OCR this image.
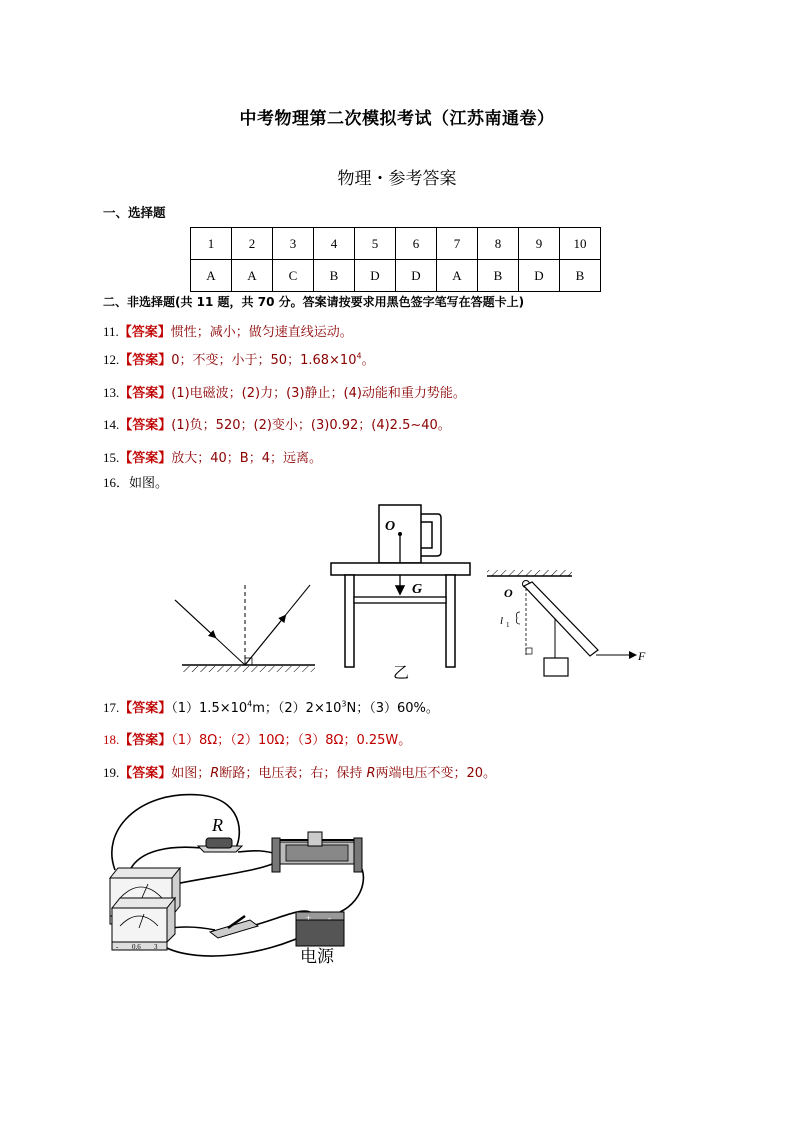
中考物理第二次模拟考试（江苏南通卷）
物理・参考答案
一、选择题
1	2	3	4	5	6	7	8	9	10
A	A	C	B	D	D	A	B	D	B
二、非选择题(共 11 题，共 70 分。答案请按要求用黑色签字笔写在答题卡上)
11.【答案】惯性；减小；做匀速直线运动。
12.【答案】0；不变；小于；50；$1.68\times 10^4$。
13.【答案】(1)电磁波；(2)力；(3)静止；(4)动能和重力势能。
14.【答案】(1)负；520；(2)变小；(3)0.92；(4)2.5~40。
15.【答案】放大；40；B；4；远离。
16．如图。
O
G
乙
O
l 1
F
17.【答案】$(1)1.5\times 10^4m$；$(2)2\times 10^3N$；（3）60%。
18.【答案】（1）8Ω；（2）10Ω；（3）8Ω；0.25W。
19.【答案】如图；R断路；电压表；右；保持 R两端电压不变；20。
R
- 0.6 3
+ -
电源
